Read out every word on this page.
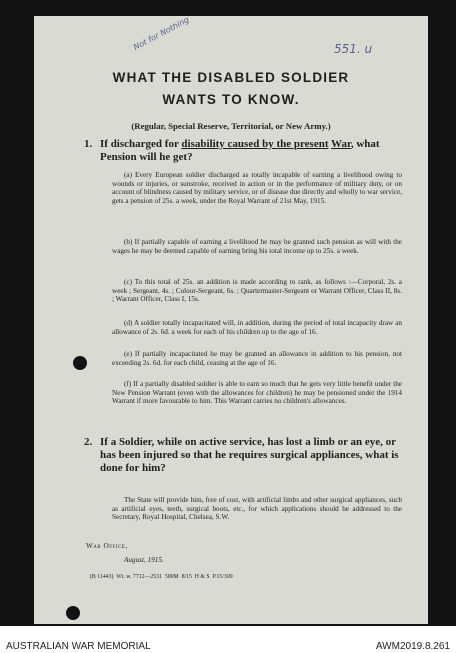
Not for Nothing	551. u
WHAT THE DISABLED SOLDIER
WANTS TO KNOW.

(Regular, Special Reserve, Territorial, or New Army.)

1. If discharged for disability caused by the present War, what Pension will he get?

(a) Every European soldier discharged as totally incapable of earning a livelihood owing to wounds or injuries, or sunstroke, received in action or in the performance of military duty, or on account of blindness caused by military service, or of disease due directly and wholly to war service, gets a pension of 25s. a week, under the Royal Warrant of 21st May, 1915.

(b) If partially capable of earning a livelihood he may be granted such pension as will with the wages he may be deemed capable of earning bring his total income up to 25s. a week.

(c) To this total of 25s. an addition is made according to rank, as follows :—Corporal, 2s. a week ; Sergeant, 4s. ; Colour-Sergeant, 6s. ; Quartermaster-Sergeant or Warrant Officer, Class II, 8s. ; Warrant Officer, Class I, 15s.

(d) A soldier totally incapacitated will, in addition, during the period of total incapacity draw an allowance of 2s. 6d. a week for each of his children up to the age of 16.

(e) If partially incapacitated he may be granted an allowance in addition to his pension, not exceeding 2s. 6d. for each child, ceasing at the age of 16.

(f) If a partially disabled soldier is able to earn so much that he gets very little benefit under the New Pension Warrant (even with the allowances for children) he may be pensioned under the 1914 Warrant if more favourable to him. This Warrant carries no children's allowances.

2. If a Soldier, while on active service, has lost a limb or an eye, or has been injured so that he requires surgical appliances, what is done for him?

The State will provide him, free of cost, with artificial limbs and other surgical appliances, such as artificial eyes, teeth, surgical boots, etc., for which applications should be addressed to the Secretary, Royal Hospital, Chelsea, S.W.

War Office,

August, 1915.

(B 11443)  Wt. w. 7712—2531  500M  8/15  H & S  P.15/309

AUSTRALIAN WAR MEMORIAL	AWM2019.8.261
